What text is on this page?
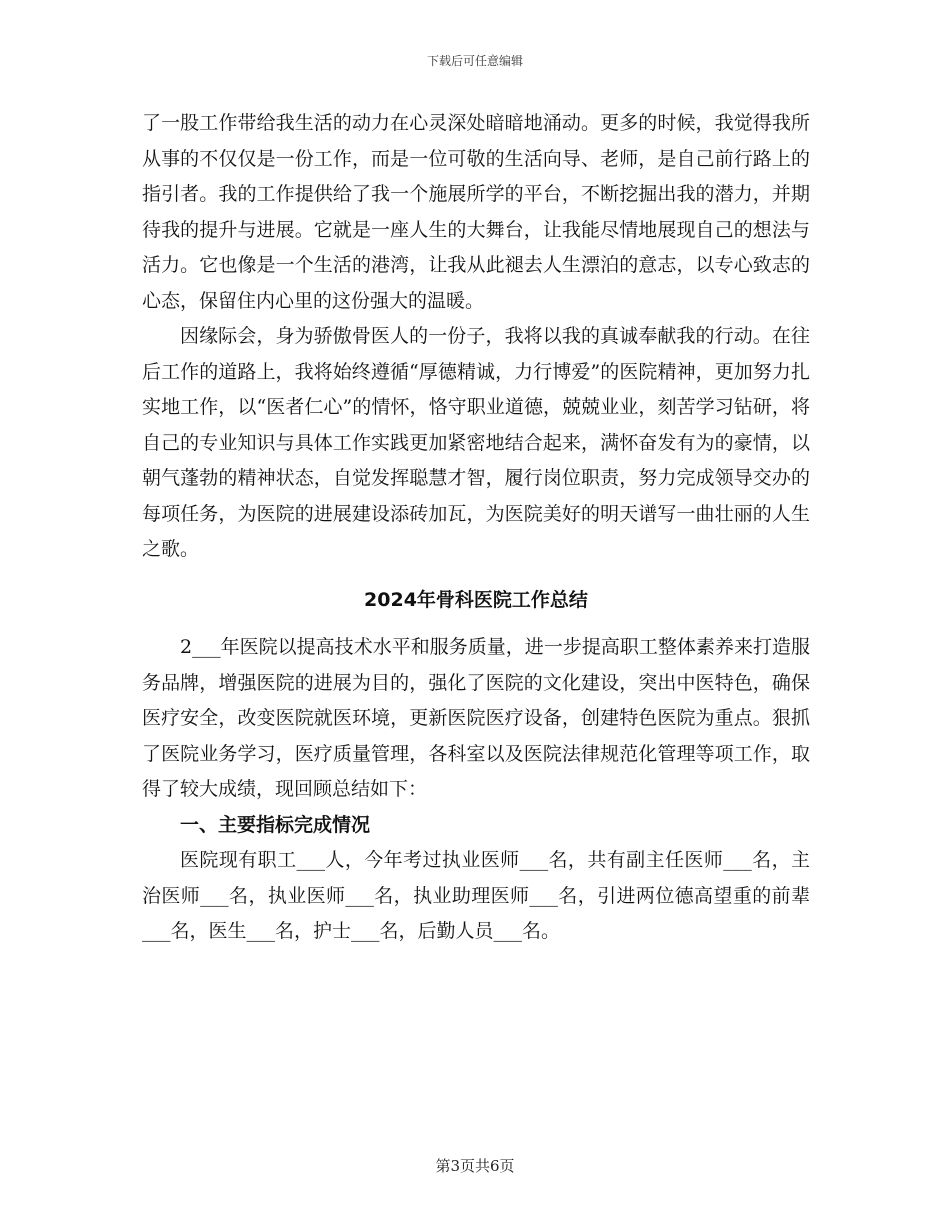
下载后可任意编辑

了一股工作带给我生活的动力在心灵深处暗暗地涌动。更多的时候，我觉得我所从事的不仅仅是一份工作，而是一位可敬的生活向导、老师，是自己前行路上的指引者。我的工作提供给了我一个施展所学的平台，不断挖掘出我的潜力，并期待我的提升与进展。它就是一座人生的大舞台，让我能尽情地展现自己的想法与活力。它也像是一个生活的港湾，让我从此褪去人生漂泊的意志，以专心致志的心态，保留住内心里的这份强大的温暖。

因缘际会，身为骄傲骨医人的一份子，我将以我的真诚奉献我的行动。在往后工作的道路上，我将始终遵循“厚德精诚，力行博爱”的医院精神，更加努力扎实地工作，以“医者仁心”的情怀，恪守职业道德，兢兢业业，刻苦学习钻研，将自己的专业知识与具体工作实践更加紧密地结合起来，满怀奋发有为的豪情，以朝气蓬勃的精神状态，自觉发挥聪慧才智，履行岗位职责，努力完成领导交办的每项任务，为医院的进展建设添砖加瓦，为医院美好的明天谱写一曲壮丽的人生之歌。

2024年骨科医院工作总结

2___年医院以提高技术水平和服务质量，进一步提高职工整体素养来打造服务品牌，增强医院的进展为目的，强化了医院的文化建设，突出中医特色，确保医疗安全，改变医院就医环境，更新医院医疗设备，创建特色医院为重点。狠抓了医院业务学习，医疗质量管理，各科室以及医院法律规范化管理等项工作，取得了较大成绩，现回顾总结如下：

一、主要指标完成情况

医院现有职工___人，今年考过执业医师___名，共有副主任医师___名，主治医师___名，执业医师___名，执业助理医师___名，引进两位德高望重的前辈___名，医生___名，护士___名，后勤人员___名。

第3页共6页
